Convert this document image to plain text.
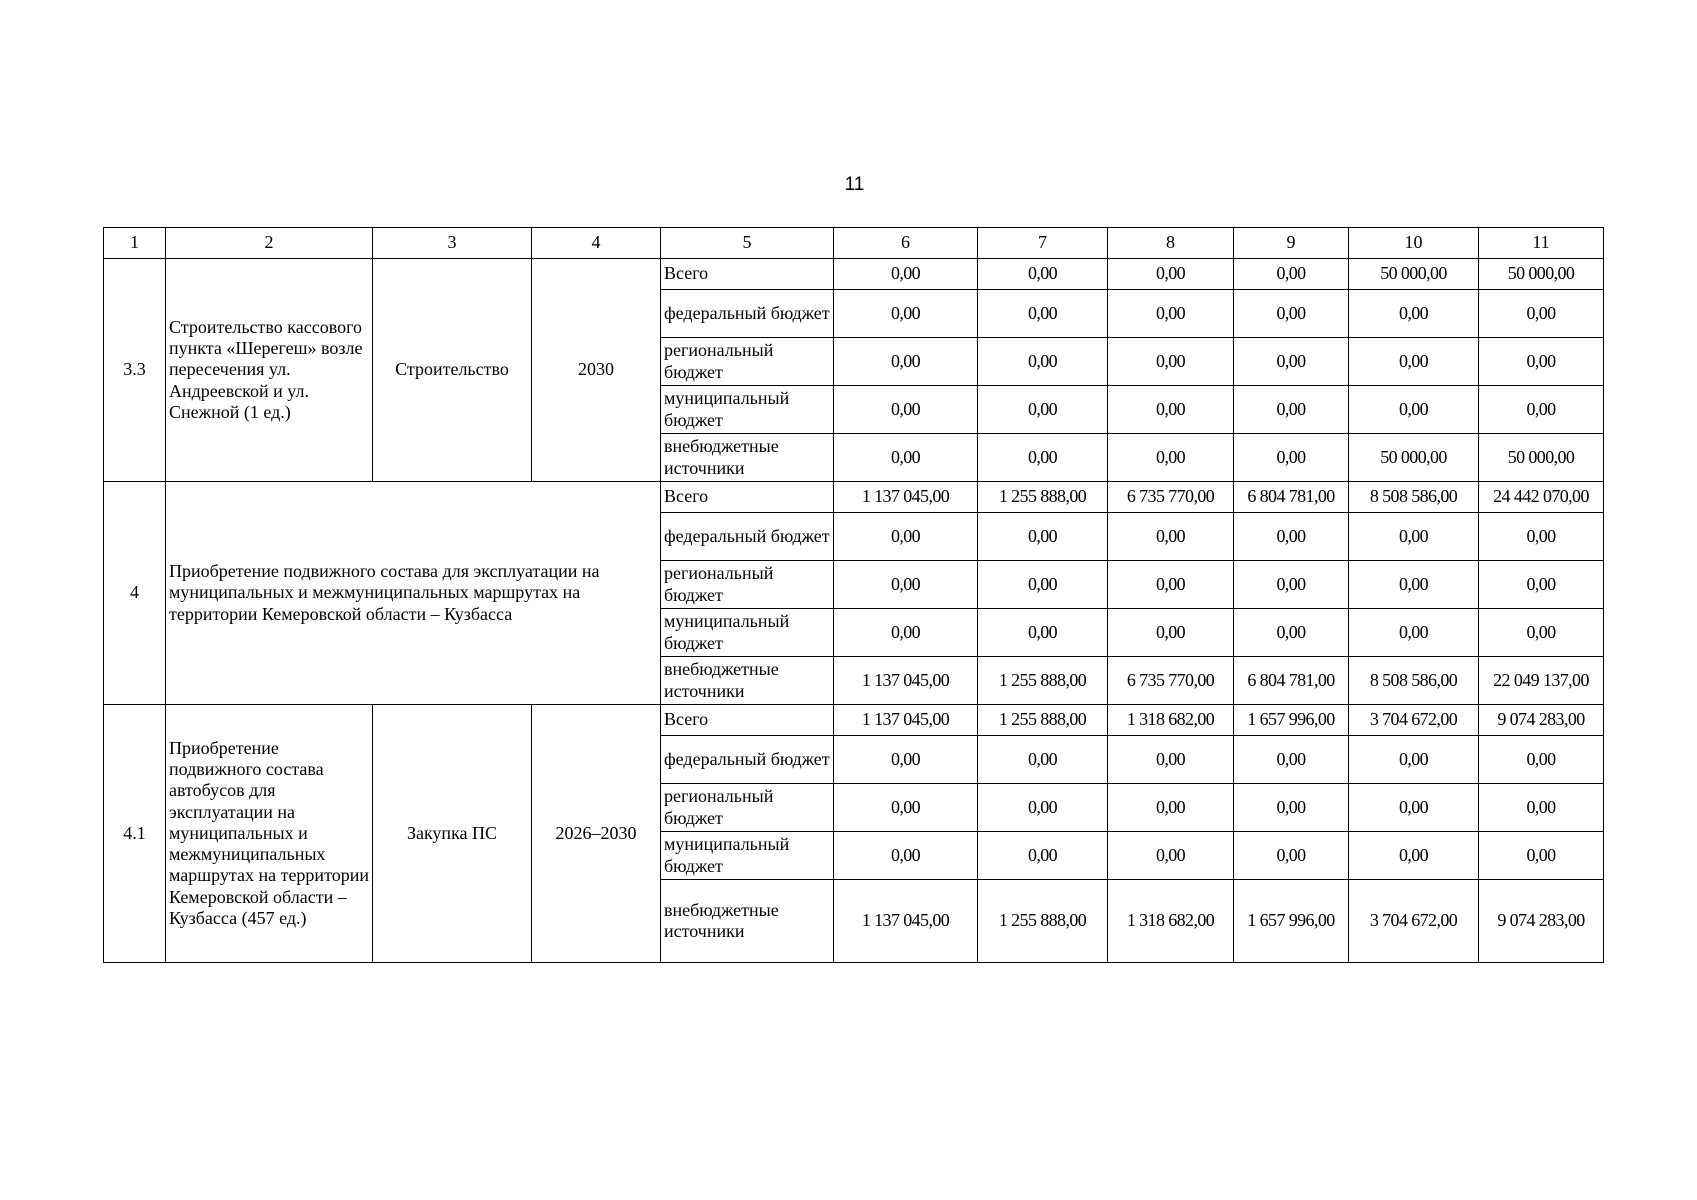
11
1	2	3	4	5	6	7	8	9	10	11
3.3	Строительство кассового пункта «Шерегеш» возле пересечения ул. Андреевской и ул. Снежной (1 ед.)	Строительство	2030	Всего	0,00	0,00	0,00	0,00	50 000,00	50 000,00
				федеральный бюджет	0,00	0,00	0,00	0,00	0,00	0,00
				региональный бюджет	0,00	0,00	0,00	0,00	0,00	0,00
				муниципальный бюджет	0,00	0,00	0,00	0,00	0,00	0,00
				внебюджетные источники	0,00	0,00	0,00	0,00	50 000,00	50 000,00
4	Приобретение подвижного состава для эксплуатации на муниципальных и межмуниципальных маршрутах на территории Кемеровской области – Кузбасса			Всего	1 137 045,00	1 255 888,00	6 735 770,00	6 804 781,00	8 508 586,00	24 442 070,00
				федеральный бюджет	0,00	0,00	0,00	0,00	0,00	0,00
				региональный бюджет	0,00	0,00	0,00	0,00	0,00	0,00
				муниципальный бюджет	0,00	0,00	0,00	0,00	0,00	0,00
				внебюджетные источники	1 137 045,00	1 255 888,00	6 735 770,00	6 804 781,00	8 508 586,00	22 049 137,00
4.1	Приобретение подвижного состава автобусов для эксплуатации на муниципальных и межмуниципальных маршрутах на территории Кемеровской области – Кузбасса (457 ед.)	Закупка ПС	2026–2030	Всего	1 137 045,00	1 255 888,00	1 318 682,00	1 657 996,00	3 704 672,00	9 074 283,00
				федеральный бюджет	0,00	0,00	0,00	0,00	0,00	0,00
				региональный бюджет	0,00	0,00	0,00	0,00	0,00	0,00
				муниципальный бюджет	0,00	0,00	0,00	0,00	0,00	0,00
				внебюджетные источники	1 137 045,00	1 255 888,00	1 318 682,00	1 657 996,00	3 704 672,00	9 074 283,00
